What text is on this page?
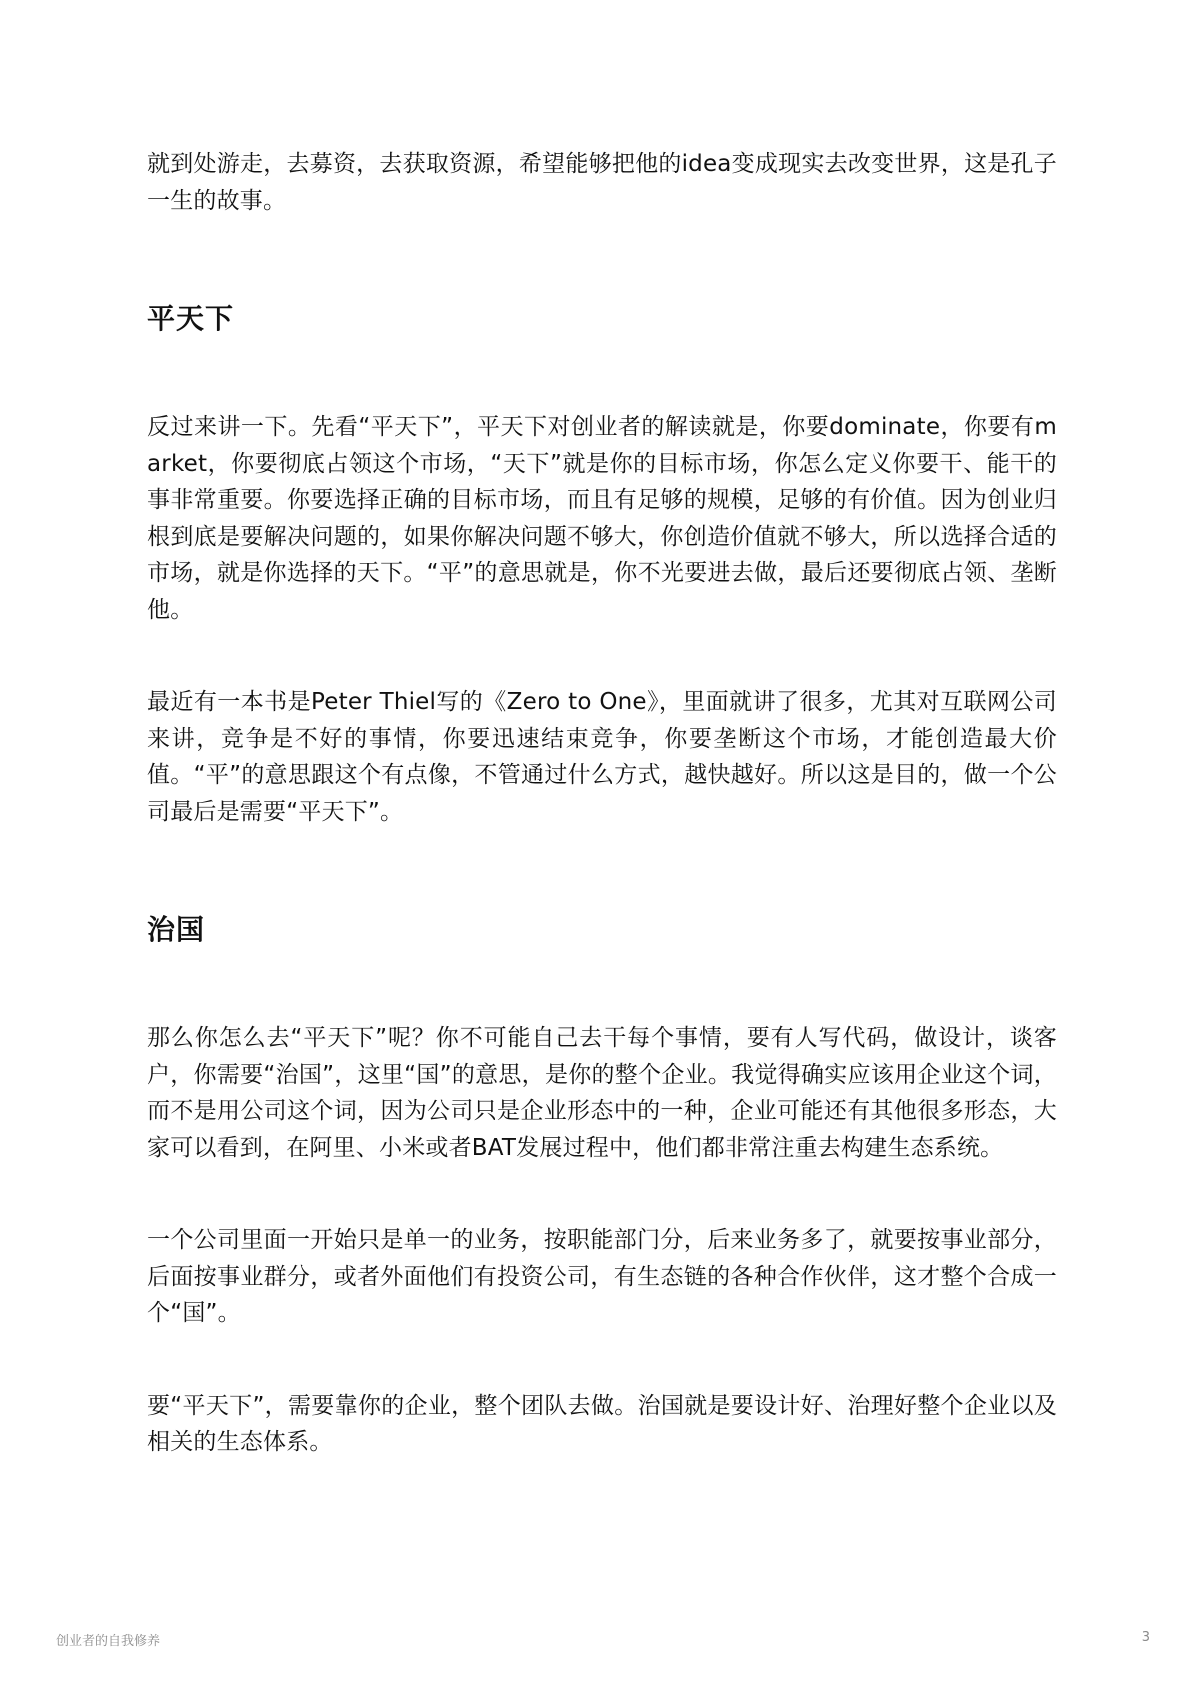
就到处游走，去募资，去获取资源，希望能够把他的idea变成现实去改变世界，这是孔子一生的故事。

平天下

反过来讲一下。先看“平天下”，平天下对创业者的解读就是，你要dominate，你要有market，你要彻底占领这个市场，“天下”就是你的目标市场，你怎么定义你要干、能干的事非常重要。你要选择正确的目标市场，而且有足够的规模，足够的有价值。因为创业归根到底是要解决问题的，如果你解决问题不够大，你创造价值就不够大，所以选择合适的市场，就是你选择的天下。“平”的意思就是，你不光要进去做，最后还要彻底占领、垄断他。

最近有一本书是Peter Thiel写的《Zero to One》，里面就讲了很多，尤其对互联网公司来讲，竞争是不好的事情，你要迅速结束竞争，你要垄断这个市场，才能创造最大价值。“平”的意思跟这个有点像，不管通过什么方式，越快越好。所以这是目的，做一个公司最后是需要“平天下”。

治国

那么你怎么去“平天下”呢？你不可能自己去干每个事情，要有人写代码，做设计，谈客户，你需要“治国”，这里“国”的意思，是你的整个企业。我觉得确实应该用企业这个词，而不是用公司这个词，因为公司只是企业形态中的一种，企业可能还有其他很多形态，大家可以看到，在阿里、小米或者BAT发展过程中，他们都非常注重去构建生态系统。

一个公司里面一开始只是单一的业务，按职能部门分，后来业务多了，就要按事业部分，后面按事业群分，或者外面他们有投资公司，有生态链的各种合作伙伴，这才整个合成一个“国”。

要“平天下”，需要靠你的企业，整个团队去做。治国就是要设计好、治理好整个企业以及相关的生态体系。

创业者的自我修养	3
